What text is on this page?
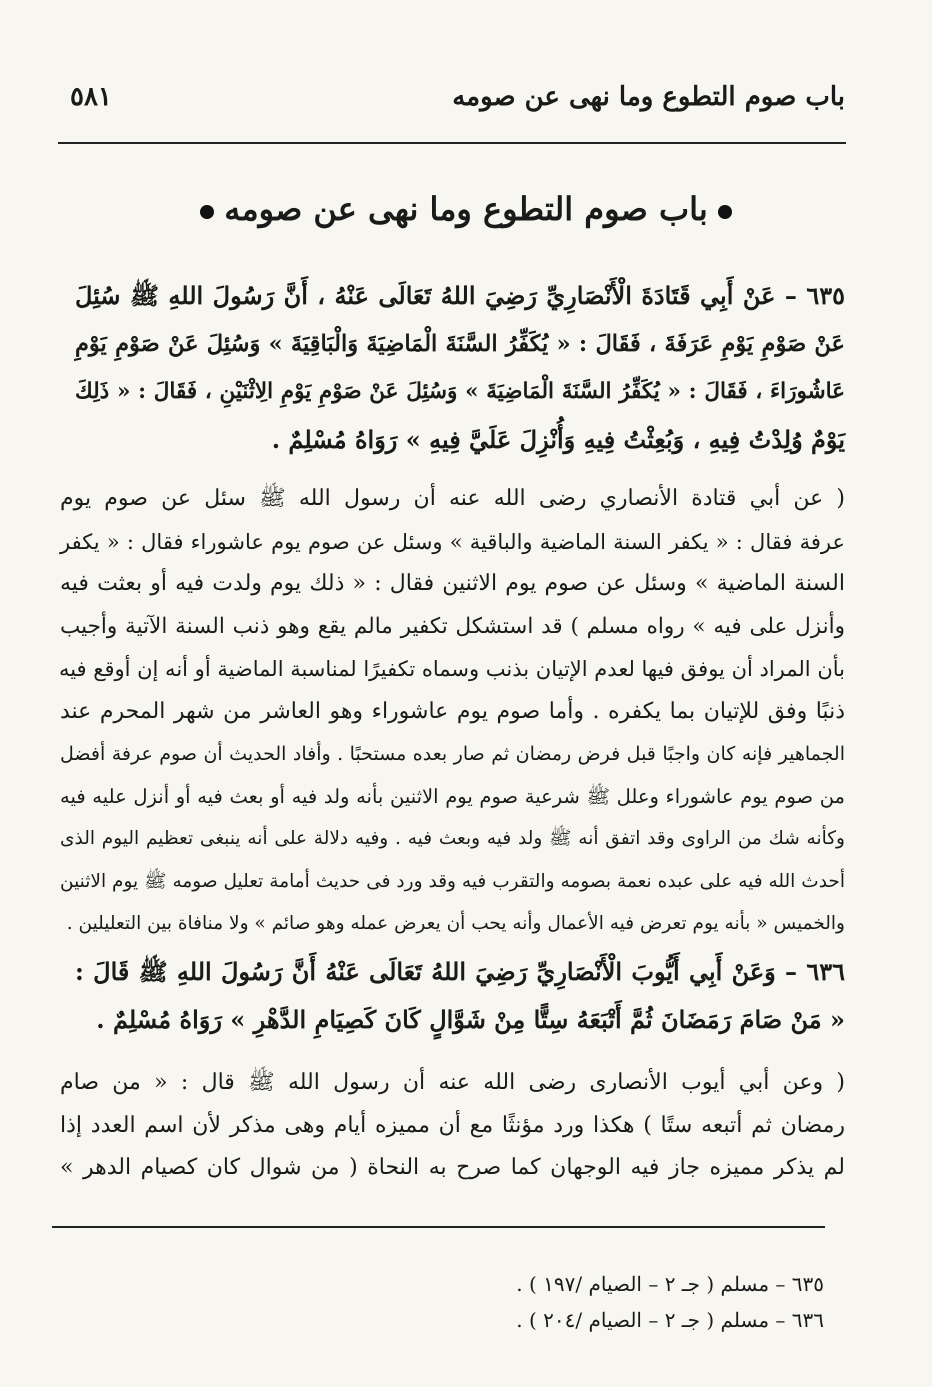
باب صوم التطوع وما نهى عن صومه
٥٨١
باب صوم التطوع وما نهى عن صومه
٦٣٥ – عَنْ أَبِي قَتَادَةَ الْأَنْصَارِيِّ رَضِيَ اللهُ تَعَالَى عَنْهُ ، أَنَّ رَسُولَ اللهِ ﷺ سُئِلَ
عَنْ صَوْمِ يَوْمِ عَرَفَةَ ، فَقَالَ : « يُكَفِّرُ السَّنَةَ الْمَاضِيَةَ وَالْبَاقِيَةَ » وَسُئِلَ عَنْ صَوْمِ يَوْمِ
عَاشُورَاءَ ، فَقَالَ : « يُكَفِّرُ السَّنَةَ الْمَاضِيَةَ » وَسُئِلَ عَنْ صَوْمِ يَوْمِ الِاثْنَيْنِ ، فَقَالَ : « ذَلِكَ
يَوْمٌ وُلِدْتُ فِيهِ ، وَبُعِثْتُ فِيهِ وَأُنْزِلَ عَلَيَّ فِيهِ » رَوَاهُ مُسْلِمٌ .
( عن أبي قتادة الأنصاري رضى الله عنه أن رسول الله ﷺ سئل عن صوم يوم
عرفة فقال : « يكفر السنة الماضية والباقية » وسئل عن صوم يوم عاشوراء فقال : « يكفر
السنة الماضية » وسئل عن صوم يوم الاثنين فقال : « ذلك يوم ولدت فيه أو بعثت فيه
وأنزل على فيه » رواه مسلم ) قد استشكل تكفير مالم يقع وهو ذنب السنة الآتية وأجيب
بأن المراد أن يوفق فيها لعدم الإتيان بذنب وسماه تكفيرًا لمناسبة الماضية أو أنه إن أوقع فيه
ذنبًا وفق للإتيان بما يكفره . وأما صوم يوم عاشوراء وهو العاشر من شهر المحرم عند
الجماهير فإنه كان واجبًا قبل فرض رمضان ثم صار بعده مستحبًا . وأفاد الحديث أن صوم عرفة أفضل
من صوم يوم عاشوراء وعلل ﷺ شرعية صوم يوم الاثنين بأنه ولد فيه أو بعث فيه أو أنزل عليه فيه
وكأنه شك من الراوى وقد اتفق أنه ﷺ ولد فيه وبعث فيه . وفيه دلالة على أنه ينبغى تعظيم اليوم الذى
أحدث الله فيه على عبده نعمة بصومه والتقرب فيه وقد ورد فى حديث أمامة تعليل صومه ﷺ يوم الاثنين
والخميس « بأنه يوم تعرض فيه الأعمال وأنه يحب أن يعرض عمله وهو صائم » ولا منافاة بين التعليلين .
٦٣٦ – وَعَنْ أَبِي أَيُّوبَ الْأَنْصَارِيِّ رَضِيَ اللهُ تَعَالَى عَنْهُ أَنَّ رَسُولَ اللهِ ﷺ قَالَ :
« مَنْ صَامَ رَمَضَانَ ثُمَّ أَتْبَعَهُ سِتًّا مِنْ شَوَّالٍ كَانَ كَصِيَامِ الدَّهْرِ » رَوَاهُ مُسْلِمٌ .
( وعن أبي أيوب الأنصارى رضى الله عنه أن رسول الله ﷺ قال : « من صام
رمضان ثم أتبعه ستًا ) هكذا ورد مؤنثًا مع أن مميزه أيام وهى مذكر لأن اسم العدد إذا
لم يذكر مميزه جاز فيه الوجهان كما صرح به النحاة ( من شوال كان كصيام الدهر »
٦٣٥ – مسلم ( جـ ٢ – الصيام /١٩٧ ) .
٦٣٦ – مسلم ( جـ ٢ – الصيام /٢٠٤ ) .
